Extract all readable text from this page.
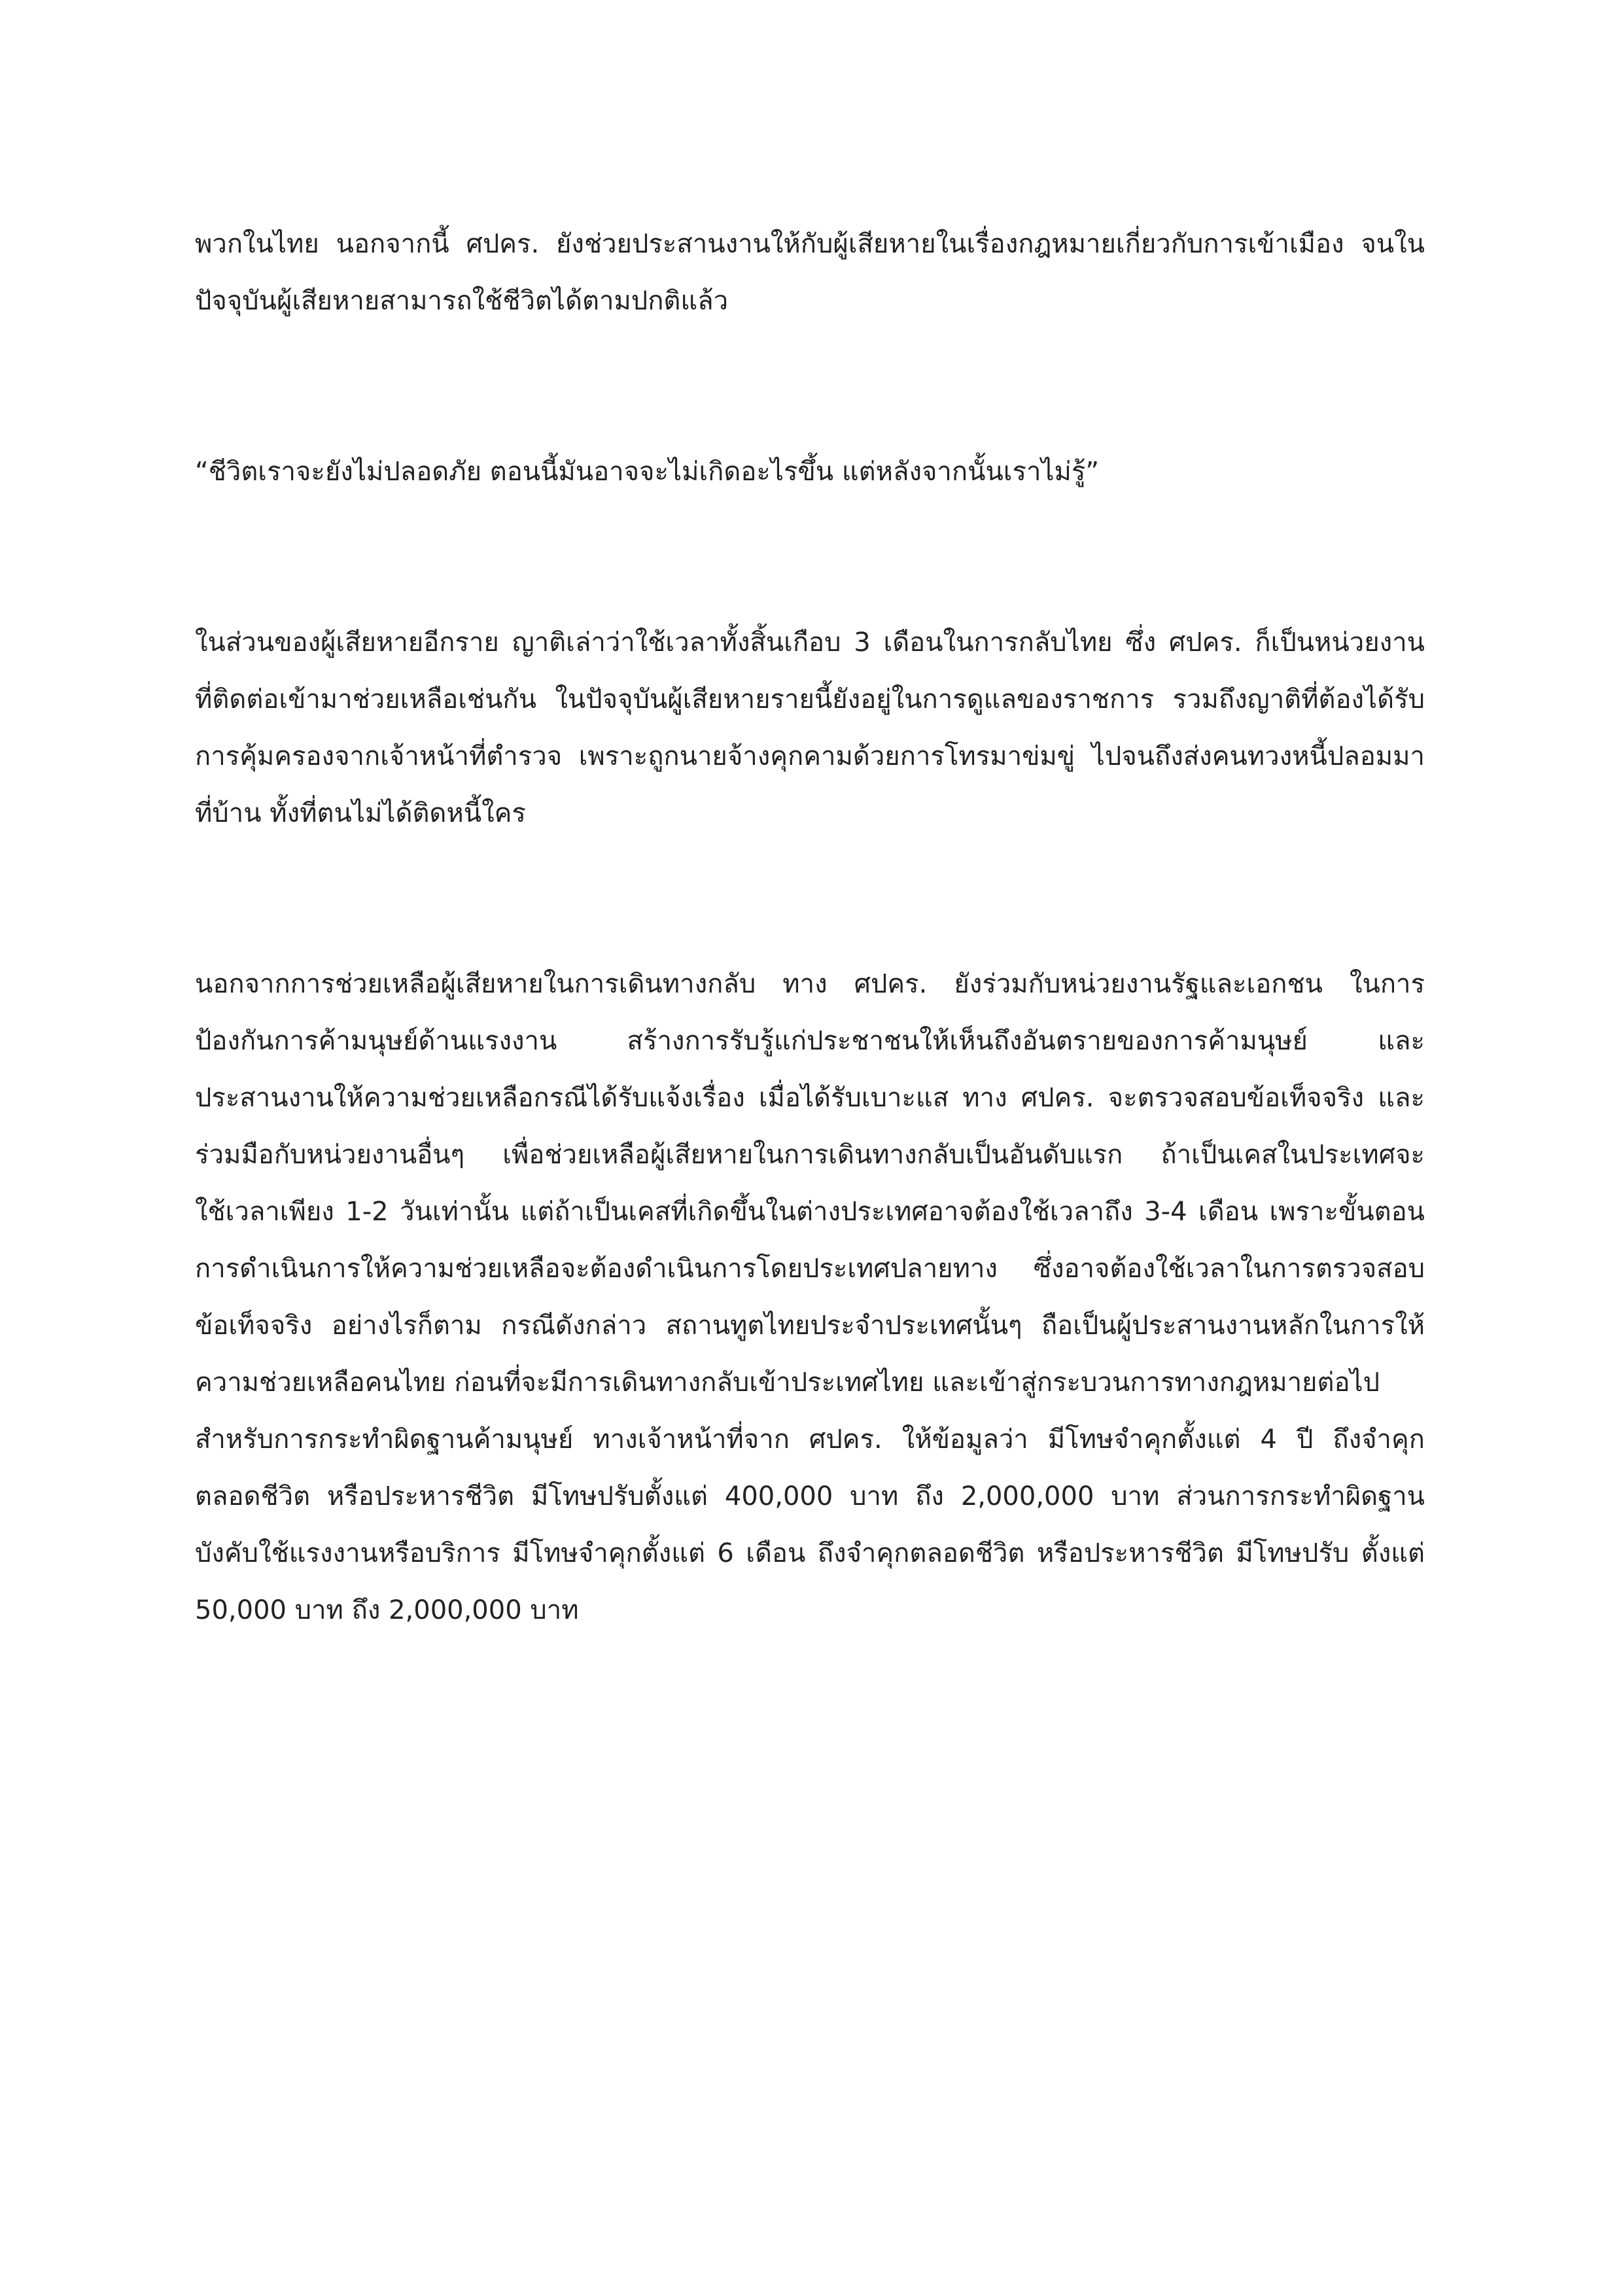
พวกในไทย นอกจากนี้ ศปคร. ยังช่วยประสานงานให้กับผู้เสียหายในเรื่องกฎหมายเกี่ยวกับการเข้าเมือง จนใน
ปัจจุบันผู้เสียหายสามารถใช้ชีวิตได้ตามปกติแล้ว
“ชีวิตเราจะยังไม่ปลอดภัย ตอนนี้มันอาจจะไม่เกิดอะไรขึ้น แต่หลังจากนั้นเราไม่รู้”
ในส่วนของผู้เสียหายอีกราย ญาติเล่าว่าใช้เวลาทั้งสิ้นเกือบ 3 เดือนในการกลับไทย ซึ่ง ศปคร. ก็เป็นหน่วยงาน
ที่ติดต่อเข้ามาช่วยเหลือเช่นกัน ในปัจจุบันผู้เสียหายรายนี้ยังอยู่ในการดูแลของราชการ รวมถึงญาติที่ต้องได้รับ
การคุ้มครองจากเจ้าหน้าที่ตำรวจ เพราะถูกนายจ้างคุกคามด้วยการโทรมาข่มขู่ ไปจนถึงส่งคนทวงหนี้ปลอมมา
ที่บ้าน ทั้งที่ตนไม่ได้ติดหนี้ใคร
นอกจากการช่วยเหลือผู้เสียหายในการเดินทางกลับ ทาง ศปคร. ยังร่วมกับหน่วยงานรัฐและเอกชน ในการ
ป้องกันการค้ามนุษย์ด้านแรงงาน สร้างการรับรู้แก่ประชาชนให้เห็นถึงอันตรายของการค้ามนุษย์ และ
ประสานงานให้ความช่วยเหลือกรณีได้รับแจ้งเรื่อง เมื่อได้รับเบาะแส ทาง ศปคร. จะตรวจสอบข้อเท็จจริง และ
ร่วมมือกับหน่วยงานอื่นๆ เพื่อช่วยเหลือผู้เสียหายในการเดินทางกลับเป็นอันดับแรก ถ้าเป็นเคสในประเทศจะ
ใช้เวลาเพียง 1-2 วันเท่านั้น แต่ถ้าเป็นเคสที่เกิดขึ้นในต่างประเทศอาจต้องใช้เวลาถึง 3-4 เดือน เพราะขั้นตอน
การดำเนินการให้ความช่วยเหลือจะต้องดำเนินการโดยประเทศปลายทาง ซึ่งอาจต้องใช้เวลาในการตรวจสอบ
ข้อเท็จจริง อย่างไรก็ตาม กรณีดังกล่าว สถานทูตไทยประจำประเทศนั้นๆ ถือเป็นผู้ประสานงานหลักในการให้
ความช่วยเหลือคนไทย ก่อนที่จะมีการเดินทางกลับเข้าประเทศไทย และเข้าสู่กระบวนการทางกฎหมายต่อไป
สำหรับการกระทำผิดฐานค้ามนุษย์ ทางเจ้าหน้าที่จาก ศปคร. ให้ข้อมูลว่า มีโทษจำคุกตั้งแต่ 4 ปี ถึงจำคุก
ตลอดชีวิต หรือประหารชีวิต มีโทษปรับตั้งแต่ 400,000 บาท ถึง 2,000,000 บาท ส่วนการกระทำผิดฐาน
บังคับใช้แรงงานหรือบริการ มีโทษจำคุกตั้งแต่ 6 เดือน ถึงจำคุกตลอดชีวิต หรือประหารชีวิต มีโทษปรับ ตั้งแต่
50,000 บาท ถึง 2,000,000 บาท
